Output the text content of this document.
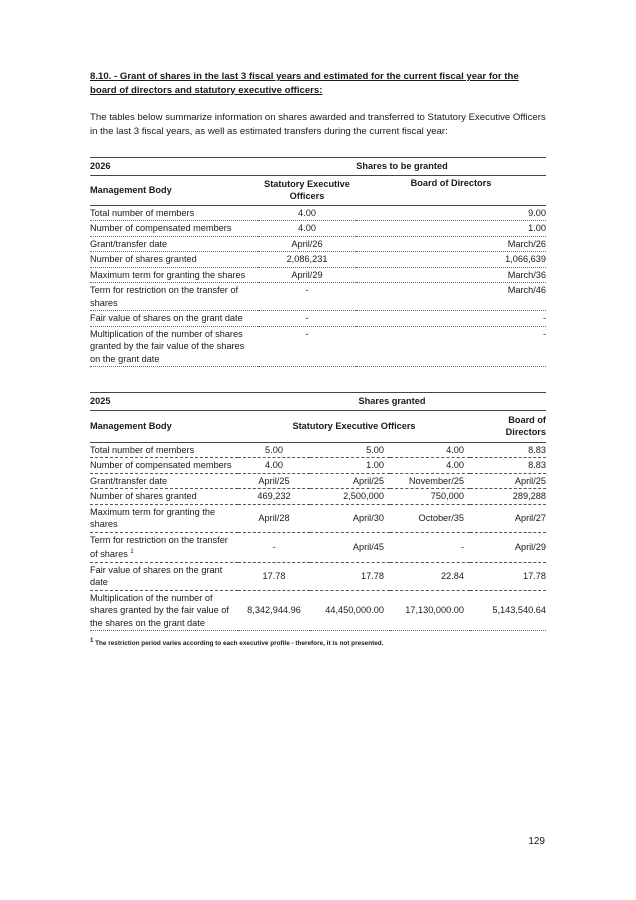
8.10. - Grant of shares in the last 3 fiscal years and estimated for the current fiscal year for the board of directors and statutory executive officers:

The tables below summarize information on shares awarded and transferred to Statutory Executive Officers in the last 3 fiscal years, as well as estimated transfers during the current fiscal year:

2026	Shares to be granted	
Management Body	Statutory Executive Officers	Board of Directors
Total number of members	4.00	9.00
Number of compensated members	4.00	1.00
Grant/transfer date	April/26	March/26
Number of shares granted	2,086,231	1,066,639
Maximum term for granting the shares	April/29	March/36
Term for restriction on the transfer of shares	-	March/46
Fair value of shares on the grant date	-	-
Multiplication of the number of shares granted by the fair value of the shares on the grant date	-	-
2025	Shares granted			
Management Body	Statutory Executive Officers			Board of Directors
Total number of members	5.00	5.00	4.00	8.83
Number of compensated members	4.00	1.00	4.00	8.83
Grant/transfer date	April/25	April/25	November/25	April/25
Number of shares granted	469,232	2,500,000	750,000	289,288
Maximum term for granting the shares	April/28	April/30	October/35	April/27
Term for restriction on the transfer of shares $^1$	-	April/45	-	April/29
Fair value of shares on the grant date	17.78	17.78	22.84	17.78
Multiplication of the number of shares granted by the fair value of the shares on the grant date	8,342,944.96	44,450,000.00	17,130,000.00	5,143,540.64
$^1$ The restriction period varies according to each executive profile - therefore, it is not presented.
129
